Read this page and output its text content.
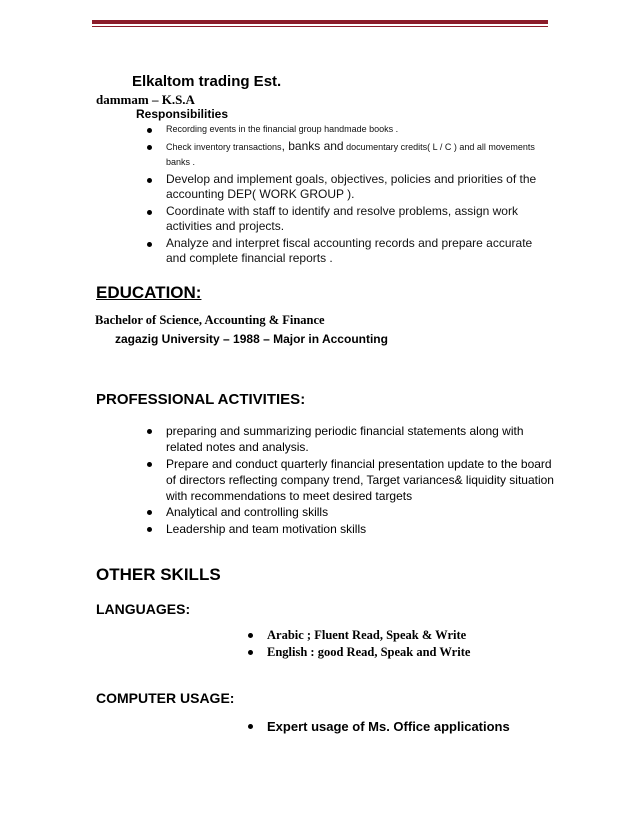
Elkaltom trading Est.
dammam – K.S.A
Responsibilities
Recording events in the financial group handmade books .
Check inventory transactions, banks and documentary credits( L / C ) and all movements banks .
Develop and implement goals, objectives, policies and priorities of the accounting DEP( WORK GROUP ).
Coordinate with staff to identify and resolve problems, assign work activities and projects.
Analyze and interpret fiscal accounting records and prepare accurate and complete financial reports .
EDUCATION:
Bachelor of Science, Accounting & Finance
zagazig University – 1988 – Major in Accounting
PROFESSIONAL ACTIVITIES:
preparing and summarizing periodic financial statements along with related notes and analysis.
Prepare and conduct quarterly financial presentation update to the board of directors reflecting company trend, Target variances& liquidity situation with recommendations to meet desired targets
Analytical and controlling skills
Leadership and team motivation skills
OTHER SKILLS
LANGUAGES:
Arabic ; Fluent Read, Speak & Write
English : good Read, Speak and Write
COMPUTER USAGE:
Expert usage of Ms. Office applications
